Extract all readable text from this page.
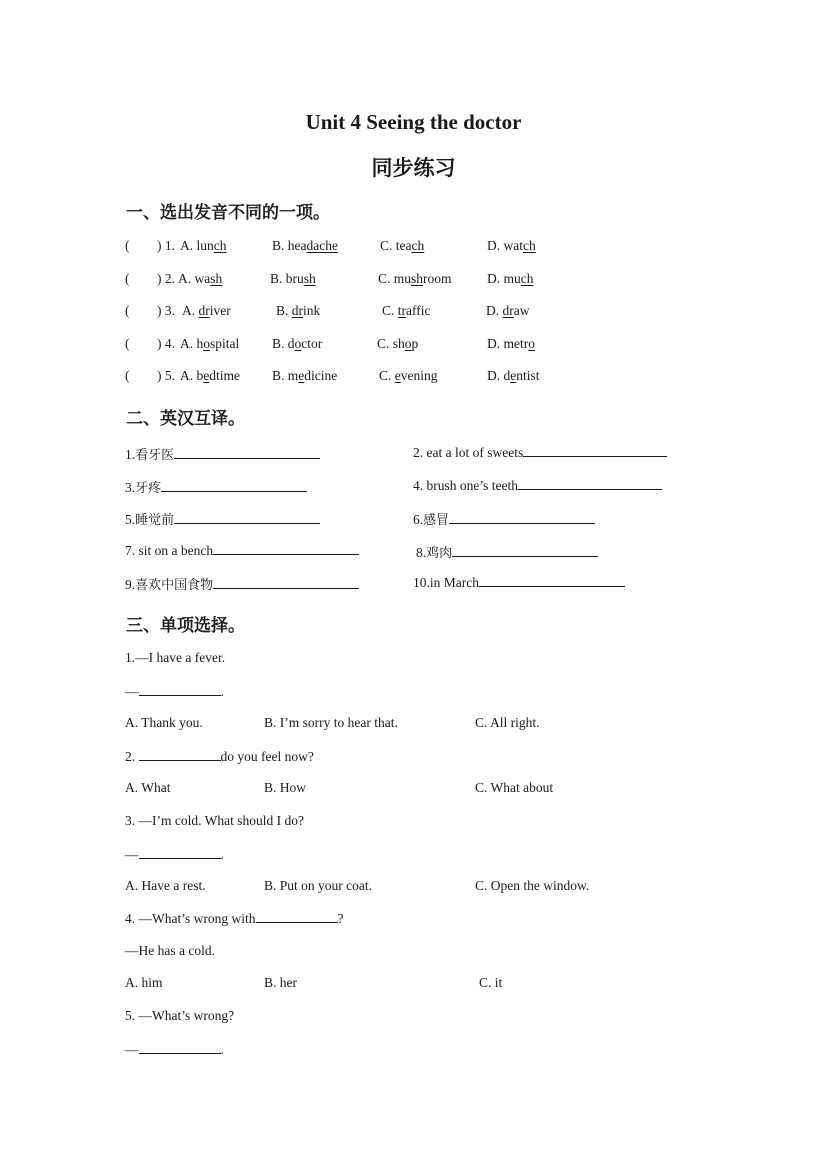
Unit 4 Seeing the doctor
同步练习
一、选出发音不同的一项。
( ) 1. A. lunch	B. headache	C. teach	D. watch
( ) 2. A. wash	B. brush	C. mushroom	D. much
( ) 3. A. driver	B. drink	C. traffic	D. draw
( ) 4. A. hospital B. doctor	C. shop	D. metro
( ) 5. A. bedtime B. medicine	C. evening	D. dentist
二、英汉互译。
1.看牙医	2. eat a lot of sweets
3.牙疼	4. brush one’s teeth
5.睡觉前	6.感冒
7. sit on a bench	8.鸡肉
9.喜欢中国食物	10.in March
三、单项选择。
1.—I have a fever.
—	.
A. Thank you.	B. I’m sorry to hear that.	C. All right.
2.	do you feel now?
A. What	B. How	C. What about
3. —I’m cold. What should I do?
—	.
A. Have a rest.	B. Put on your coat.	C. Open the window.
4. —What’s wrong with	?
—He has a cold.
A. him	B. her	C. it
5. —What’s wrong?
—	.
